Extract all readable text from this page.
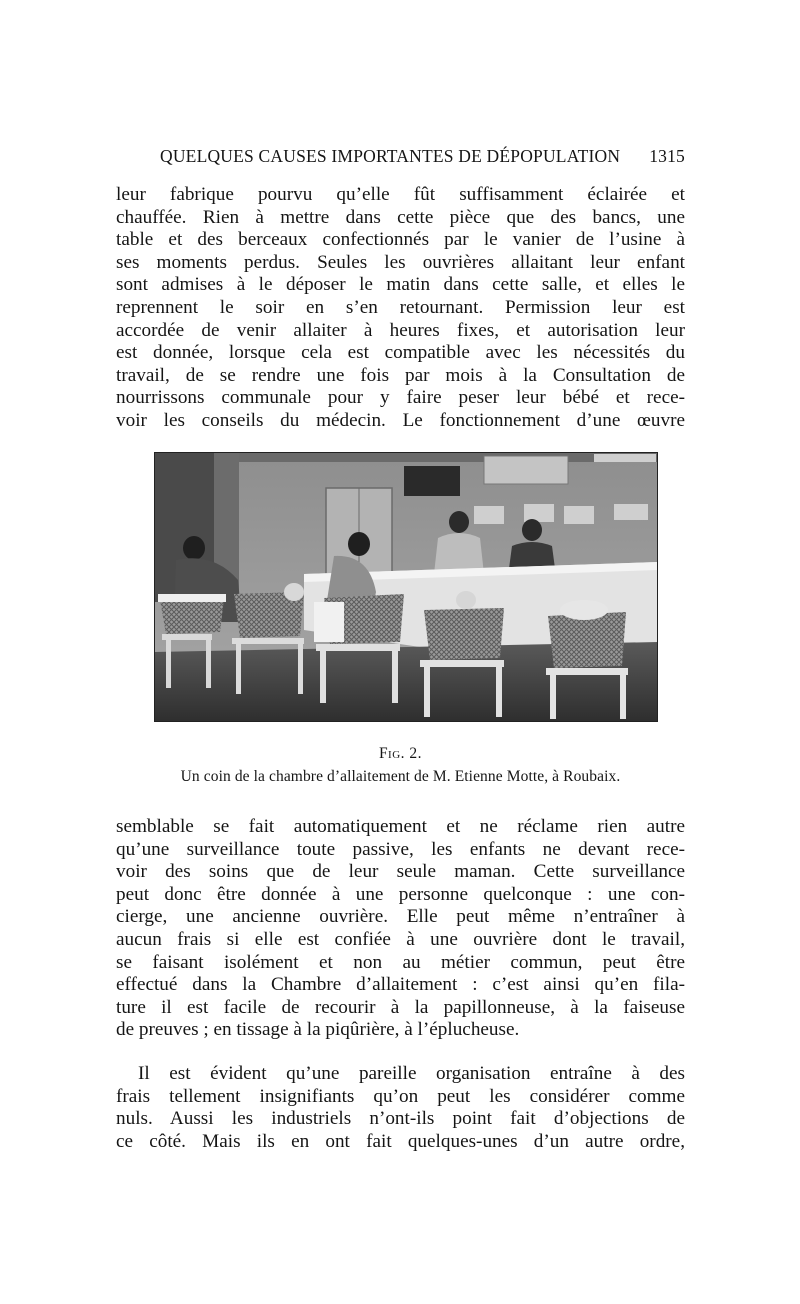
QUELQUES CAUSES IMPORTANTES DE DÉPOPULATION 1315
leur fabrique pourvu qu’elle fût suffisamment éclairée et
chauffée. Rien à mettre dans cette pièce que des bancs, une
table et des berceaux confectionnés par le vanier de l’usine à
ses moments perdus. Seules les ouvrières allaitant leur enfant
sont admises à le déposer le matin dans cette salle, et elles le
reprennent le soir en s’en retournant. Permission leur est
accordée de venir allaiter à heures fixes, et autorisation leur
est donnée, lorsque cela est compatible avec les nécessités du
travail, de se rendre une fois par mois à la Consultation de
nourrissons communale pour y faire peser leur bébé et rece-
voir les conseils du médecin. Le fonctionnement d’une œuvre
Fig. 2.
Un coin de la chambre d’allaitement de M. Etienne Motte, à Roubaix.
semblable se fait automatiquement et ne réclame rien autre
qu’une surveillance toute passive, les enfants ne devant rece-
voir des soins que de leur seule maman. Cette surveillance
peut donc être donnée à une personne quelconque : une con-
cierge, une ancienne ouvrière. Elle peut même n’entraîner à
aucun frais si elle est confiée à une ouvrière dont le travail,
se faisant isolément et non au métier commun, peut être
effectué dans la Chambre d’allaitement : c’est ainsi qu’en fila-
ture il est facile de recourir à la papillonneuse, à la faiseuse
de preuves ; en tissage à la piqûrière, à l’éplucheuse.
Il est évident qu’une pareille organisation entraîne à des
frais tellement insignifiants qu’on peut les considérer comme
nuls. Aussi les industriels n’ont-ils point fait d’objections de
ce côté. Mais ils en ont fait quelques-unes d’un autre ordre,
